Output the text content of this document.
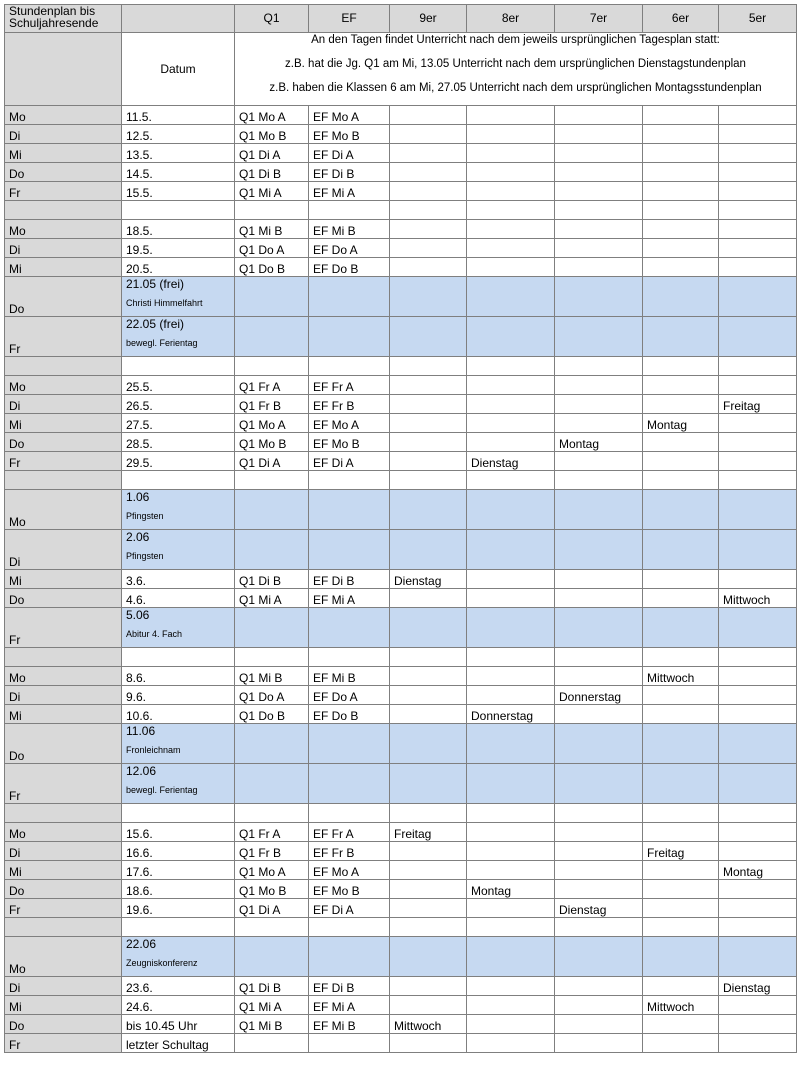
Stundenplan bis Schuljahresende		Q1	EF	9er	8er	7er	6er	5er
	Datum	An den Tagen findet Unterricht nach dem jeweils ursprünglichen Tagesplan statt:
z.B. hat die Jg. Q1 am Mi, 13.05 Unterricht nach dem ursprünglichen Dienstagstundenplan
z.B. haben die Klassen 6 am Mi, 27.05 Unterricht nach dem ursprünglichen Montagsstundenplan						

Mo	11.5.	Q1 Mo A	EF Mo A					
Di	12.5.	Q1 Mo B	EF Mo B					
Mi	13.5.	Q1 Di A	EF Di A					
Do	14.5.	Q1 Di B	EF Di B					
Fr	15.5.	Q1 Mi A	EF Mi A					

Mo	18.5.	Q1 Mi B	EF Mi B					
Di	19.5.	Q1 Do A	EF Do A					
Mi	20.5.	Q1 Do B	EF Do B					
Do	21.05 (frei)
Christi Himmelfahrt							

Fr	22.05 (frei)
bewegl. Ferientag							

Mo	25.5.	Q1 Fr A	EF Fr A					
Di	26.5.	Q1 Fr B	EF Fr B					Freitag
Mi	27.5.	Q1 Mo A	EF Mo A				Montag	
Do	28.5.	Q1 Mo B	EF Mo B			Montag		
Fr	29.5.	Q1 Di A	EF Di A		Dienstag			

Mo	1.06
Pfingsten							

Di	2.06
Pfingsten							

Mi	3.6.	Q1 Di B	EF Di B	Dienstag				
Do	4.6.	Q1 Mi A	EF Mi A					Mittwoch
Fr	5.06
Abitur 4. Fach							

Mo	8.6.	Q1 Mi B	EF Mi B				Mittwoch	
Di	9.6.	Q1 Do A	EF Do A			Donnerstag		
Mi	10.6.	Q1 Do B	EF Do B		Donnerstag			
Do	11.06
Fronleichnam							

Fr	12.06
bewegl. Ferientag							

Mo	15.6.	Q1 Fr A	EF Fr A	Freitag				
Di	16.6.	Q1 Fr B	EF Fr B				Freitag	
Mi	17.6.	Q1 Mo A	EF Mo A					Montag
Do	18.6.	Q1 Mo B	EF Mo B		Montag			
Fr	19.6.	Q1 Di A	EF Di A			Dienstag		

Mo	22.06
Zeugniskonferenz							

Di	23.6.	Q1 Di B	EF Di B					Dienstag
Mi	24.6.	Q1 Mi A	EF Mi A				Mittwoch	
Do	bis 10.45 Uhr	Q1 Mi B	EF Mi B	Mittwoch				
Fr	letzter Schultag							
